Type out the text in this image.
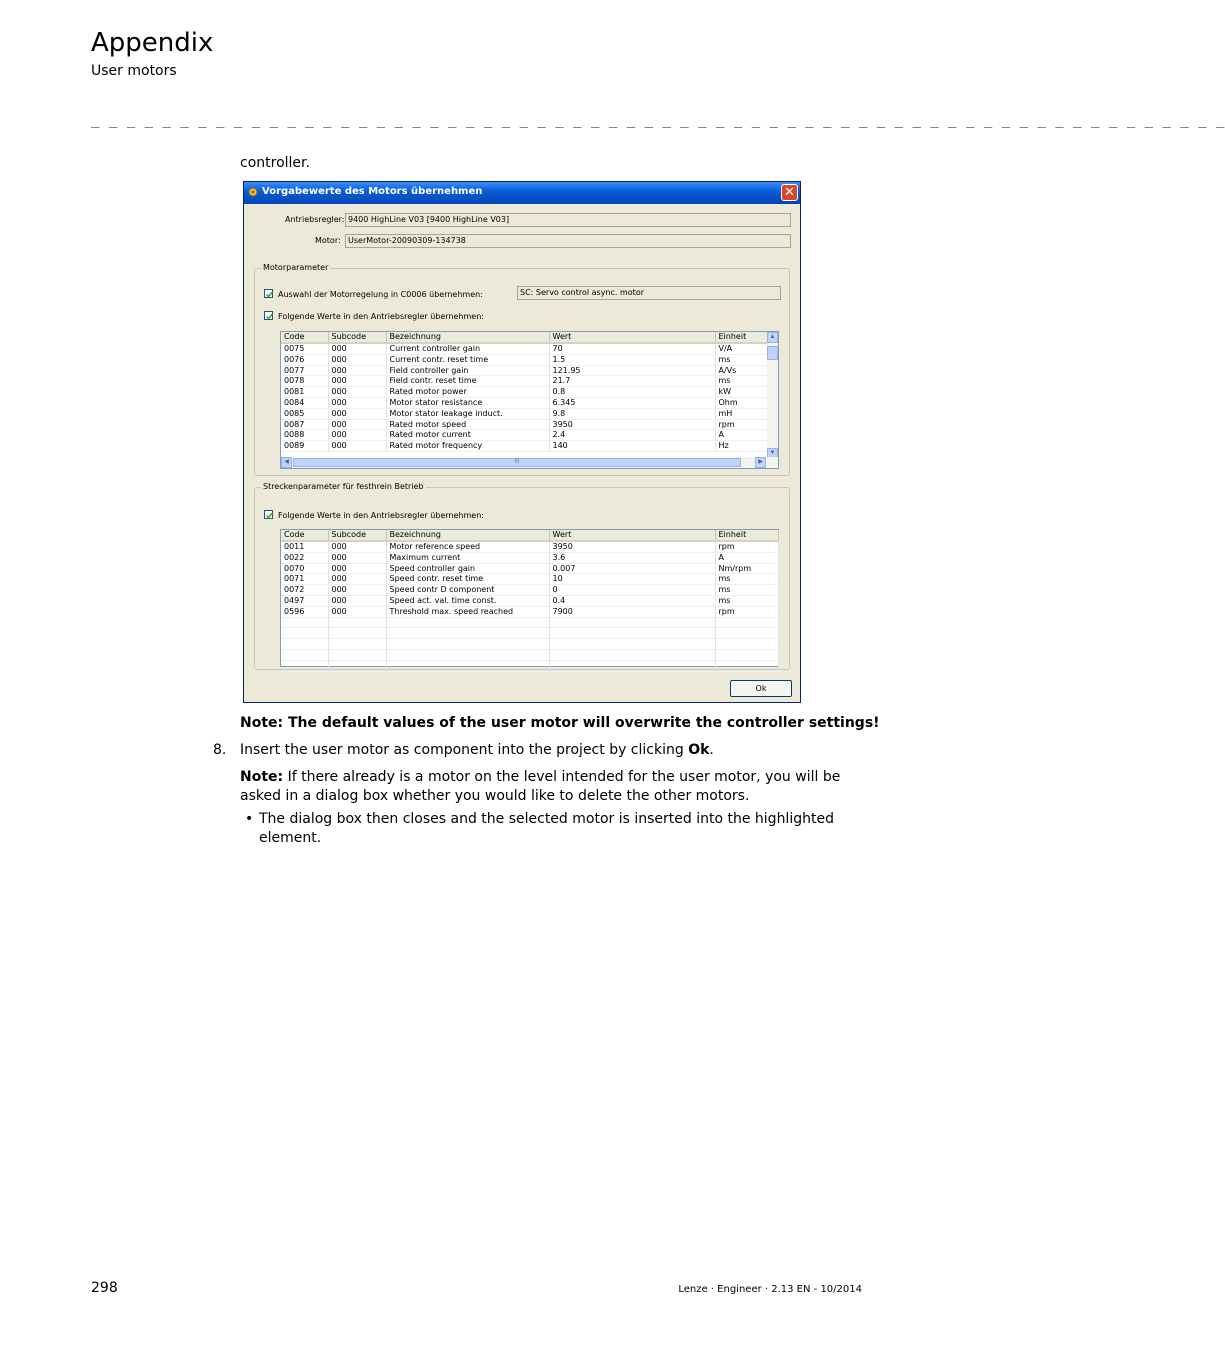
Appendix
User motors
_ _ _ _ _ _ _ _ _ _ _ _ _ _ _ _ _ _ _ _ _ _ _ _ _ _ _ _ _ _ _ _ _ _ _ _ _ _ _ _ _ _ _ _ _ _ _ _ _ _ _ _ _ _ _ _ _ _ _ _ _ _ _ _
controller.
Vorgabewerte des Motors übernehmen	✕
Antriebsregler: 9400 HighLine V03 [9400 HighLine V03]
Motor: UserMotor-20090309-134738
Motorparameter
Auswahl der Motorregelung in C0006 übernehmen:	SC: Servo control async. motor
Folgende Werte in den Antriebsregler übernehmen:
Code	Subcode	Bezeichnung	Wert	Einheit
0075	000	Current controller gain	70	V/A
0076	000	Current contr. reset time	1.5	ms
0077	000	Field controller gain	121.95	A/Vs
0078	000	Field contr. reset time	21.7	ms
0081	000	Rated motor power	0.8	kW
0084	000	Motor stator resistance	6.345	Ohm
0085	000	Motor stator leakage induct.	9.8	mH
0087	000	Rated motor speed	3950	rpm
0088	000	Rated motor current	2.4	A
0089	000	Rated motor frequency	140	Hz
▲
▼
◀	III	▶
Streckenparameter für festhrein Betrieb
Folgende Werte in den Antriebsregler übernehmen:
Code	Subcode	Bezeichnung	Wert	Einheit
0011	000	Motor reference speed	3950	rpm
0022	000	Maximum current	3.6	A
0070	000	Speed controller gain	0.007	Nm/rpm
0071	000	Speed contr. reset time	10	ms
0072	000	Speed contr D component	0	ms
0497	000	Speed act. val. time const.	0.4	ms
0596	000	Threshold max. speed reached	7900	rpm

Ok
Note: The default values of the user motor will overwrite the controller settings!
8. Insert the user motor as component into the project by clicking Ok.
Note: If there already is a motor on the level intended for the user motor, you will be asked in a dialog box whether you would like to delete the other motors.
• The dialog box then closes and the selected motor is inserted into the highlighted element.
298	Lenze · Engineer · 2.13 EN - 10/2014
